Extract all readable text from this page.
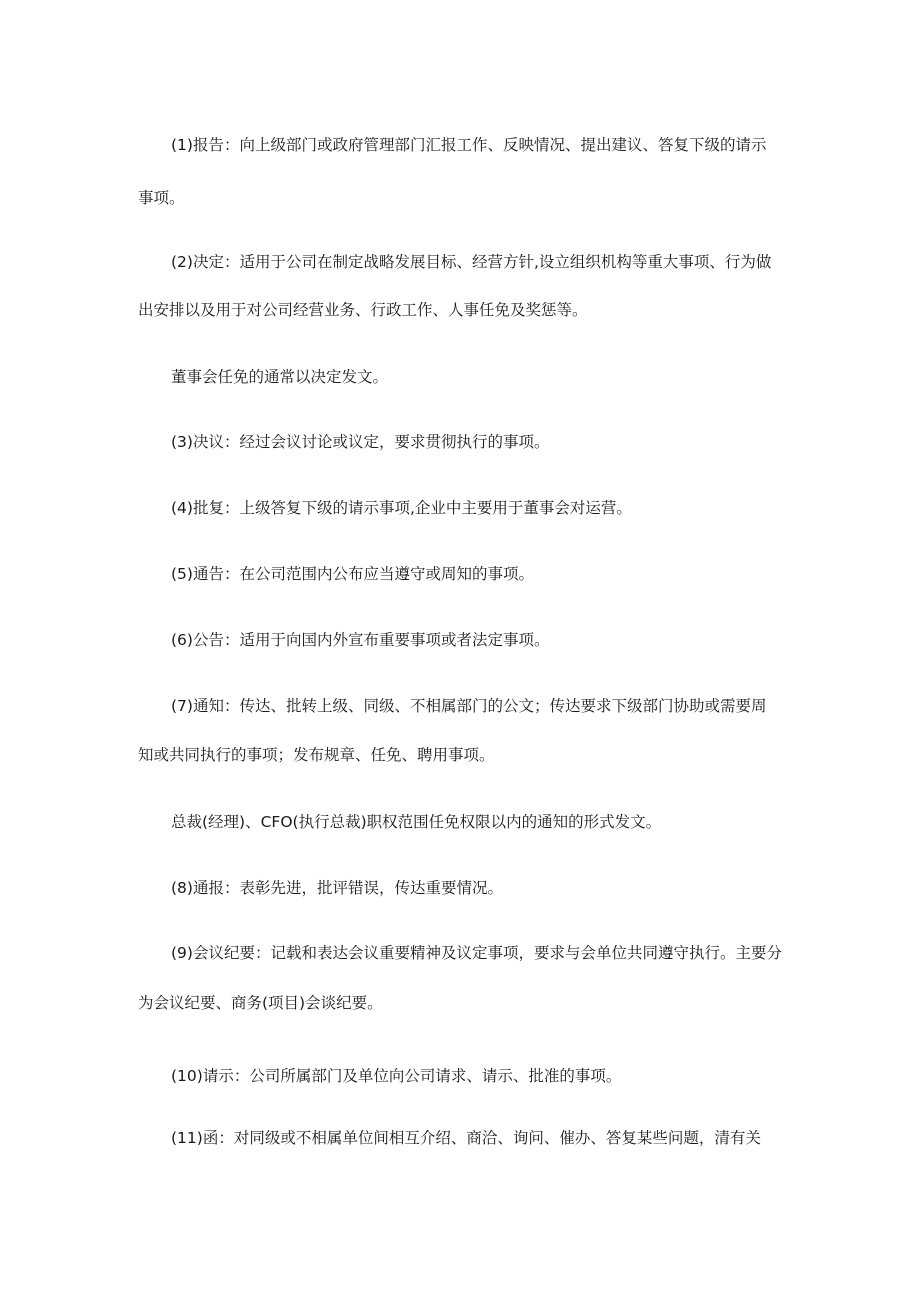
(1)报告：向上级部门或政府管理部门汇报工作、反映情况、提出建议、答复下级的请示
事项。
(2)决定：适用于公司在制定战略发展目标、经营方针,设立组织机构等重大事项、行为做
出安排以及用于对公司经营业务、行政工作、人事任免及奖惩等。
董事会任免的通常以决定发文。
(3)决议：经过会议讨论或议定，要求贯彻执行的事项。
(4)批复：上级答复下级的请示事项,企业中主要用于董事会对运营。
(5)通告：在公司范围内公布应当遵守或周知的事项。
(6)公告：适用于向国内外宣布重要事项或者法定事项。
(7)通知：传达、批转上级、同级、不相属部门的公文；传达要求下级部门协助或需要周
知或共同执行的事项；发布规章、任免、聘用事项。
总裁(经理)、CFO(执行总裁)职权范围任免权限以内的通知的形式发文。
(8)通报：表彰先进，批评错误，传达重要情况。
(9)会议纪要：记载和表达会议重要精神及议定事项，要求与会单位共同遵守执行。主要分
为会议纪要、商务(项目)会谈纪要。
(10)请示：公司所属部门及单位向公司请求、请示、批准的事项。
(11)函：对同级或不相属单位间相互介绍、商洽、询问、催办、答复某些问题，清有关
